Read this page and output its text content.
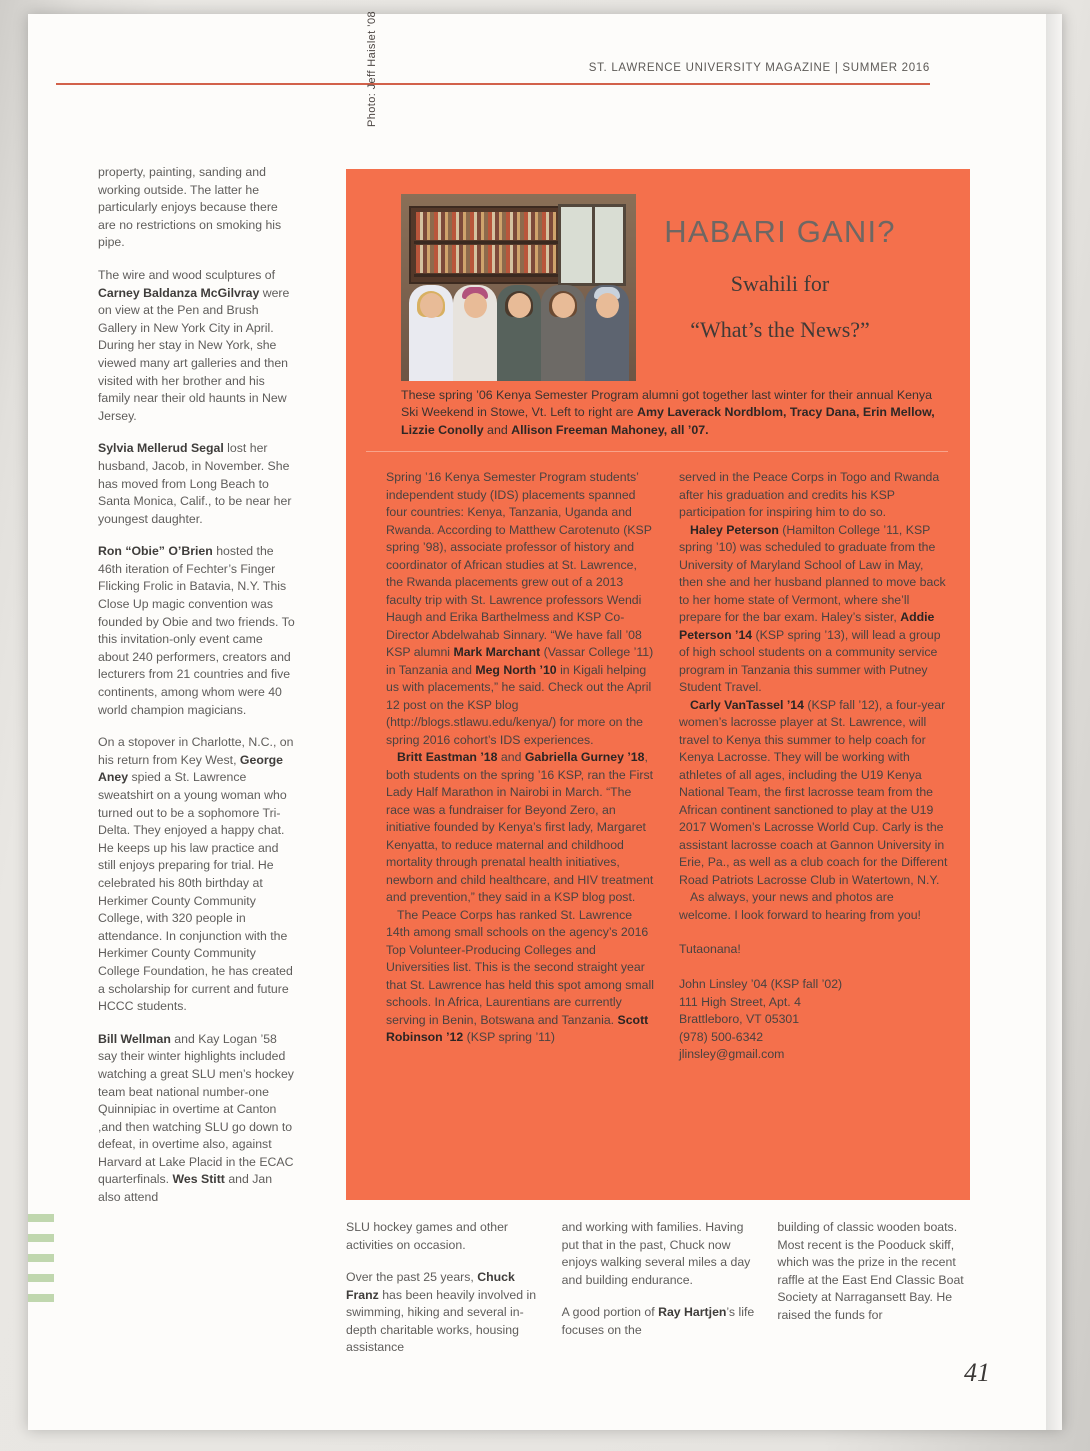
ST. LAWRENCE UNIVERSITY MAGAZINE | SUMMER 2016

property, painting, sanding and working outside. The latter he particularly enjoys because there are no restrictions on smoking his pipe.

The wire and wood sculptures of Carney Baldanza McGilvray were on view at the Pen and Brush Gallery in New York City in April. During her stay in New York, she viewed many art galleries and then visited with her brother and his family near their old haunts in New Jersey.

Sylvia Mellerud Segal lost her husband, Jacob, in November. She has moved from Long Beach to Santa Monica, Calif., to be near her youngest daughter.

Ron “Obie” O’Brien hosted the 46th iteration of Fechter’s Finger Flicking Frolic in Batavia, N.Y. This Close Up magic convention was founded by Obie and two friends. To this invitation-only event came about 240 performers, creators and lecturers from 21 countries and five continents, among whom were 40 world champion magicians.

On a stopover in Charlotte, N.C., on his return from Key West, George Aney spied a St. Lawrence sweatshirt on a young woman who turned out to be a sophomore Tri-Delta. They enjoyed a happy chat. He keeps up his law practice and still enjoys preparing for trial. He celebrated his 80th birthday at Herkimer County Community College, with 320 people in attendance. In conjunction with the Herkimer County Community College Foundation, he has created a scholarship for current and future HCCC students.

Bill Wellman and Kay Logan ’58 say their winter highlights included watching a great SLU men’s hockey team beat national number-one Quinnipiac in overtime at Canton ,and then watching SLU go down to defeat, in overtime also, against Harvard at Lake Placid in the ECAC quarterfinals. Wes Stitt and Jan also attend

Photo: Jeff Haislet ’08
HABARI GANI?
Swahili for
“What’s the News?”
These spring ’06 Kenya Semester Program alumni got together last winter for their annual Kenya Ski Weekend in Stowe, Vt. Left to right are Amy Laverack Nordblom, Tracy Dana, Erin Mellow, Lizzie Conolly and Allison Freeman Mahoney, all ’07.

Spring ’16 Kenya Semester Program students’ independent study (IDS) placements spanned four countries: Kenya, Tanzania, Uganda and Rwanda. According to Matthew Carotenuto (KSP spring ’98), associate professor of history and coordinator of African studies at St. Lawrence, the Rwanda placements grew out of a 2013 faculty trip with St. Lawrence professors Wendi Haugh and Erika Barthelmess and KSP Co-Director Abdelwahab Sinnary. “We have fall ’08 KSP alumni Mark Marchant (Vassar College ’11) in Tanzania and Meg North ’10 in Kigali helping us with placements,” he said. Check out the April 12 post on the KSP blog (http://blogs.stlawu.edu/kenya/) for more on the spring 2016 cohort’s IDS experiences.

Britt Eastman ’18 and Gabriella Gurney ’18, both students on the spring ’16 KSP, ran the First Lady Half Marathon in Nairobi in March. “The race was a fundraiser for Beyond Zero, an initiative founded by Kenya’s first lady, Margaret Kenyatta, to reduce maternal and childhood mortality through prenatal health initiatives, newborn and child healthcare, and HIV treatment and prevention,” they said in a KSP blog post.

The Peace Corps has ranked St. Lawrence 14th among small schools on the agency’s 2016 Top Volunteer-Producing Colleges and Universities list. This is the second straight year that St. Lawrence has held this spot among small schools. In Africa, Laurentians are currently serving in Benin, Botswana and Tanzania. Scott Robinson ’12 (KSP spring ’11)

served in the Peace Corps in Togo and Rwanda after his graduation and credits his KSP participation for inspiring him to do so.

Haley Peterson (Hamilton College ’11, KSP spring ’10) was scheduled to graduate from the University of Maryland School of Law in May, then she and her husband planned to move back to her home state of Vermont, where she’ll prepare for the bar exam. Haley’s sister, Addie Peterson ’14 (KSP spring ’13), will lead a group of high school students on a community service program in Tanzania this summer with Putney Student Travel.

Carly VanTassel ’14 (KSP fall ’12), a four-year women’s lacrosse player at St. Lawrence, will travel to Kenya this summer to help coach for Kenya Lacrosse. They will be working with athletes of all ages, including the U19 Kenya National Team, the first lacrosse team from the African continent sanctioned to play at the U19 2017 Women’s Lacrosse World Cup. Carly is the assistant lacrosse coach at Gannon University in Erie, Pa., as well as a club coach for the Different Road Patriots Lacrosse Club in Watertown, N.Y.

As always, your news and photos are welcome. I look forward to hearing from you!

Tutaonana!

John Linsley ’04 (KSP fall ’02)
111 High Street, Apt. 4
Brattleboro, VT 05301
(978) 500-6342
jlinsley@gmail.com

SLU hockey games and other activities on occasion.

Over the past 25 years, Chuck Franz has been heavily involved in swimming, hiking and several in-depth charitable works, housing assistance

and working with families. Having put that in the past, Chuck now enjoys walking several miles a day and building endurance.

A good portion of Ray Hartjen’s life focuses on the

building of classic wooden boats. Most recent is the Pooduck skiff, which was the prize in the recent raffle at the East End Classic Boat Society at Narragansett Bay. He raised the funds for

41
